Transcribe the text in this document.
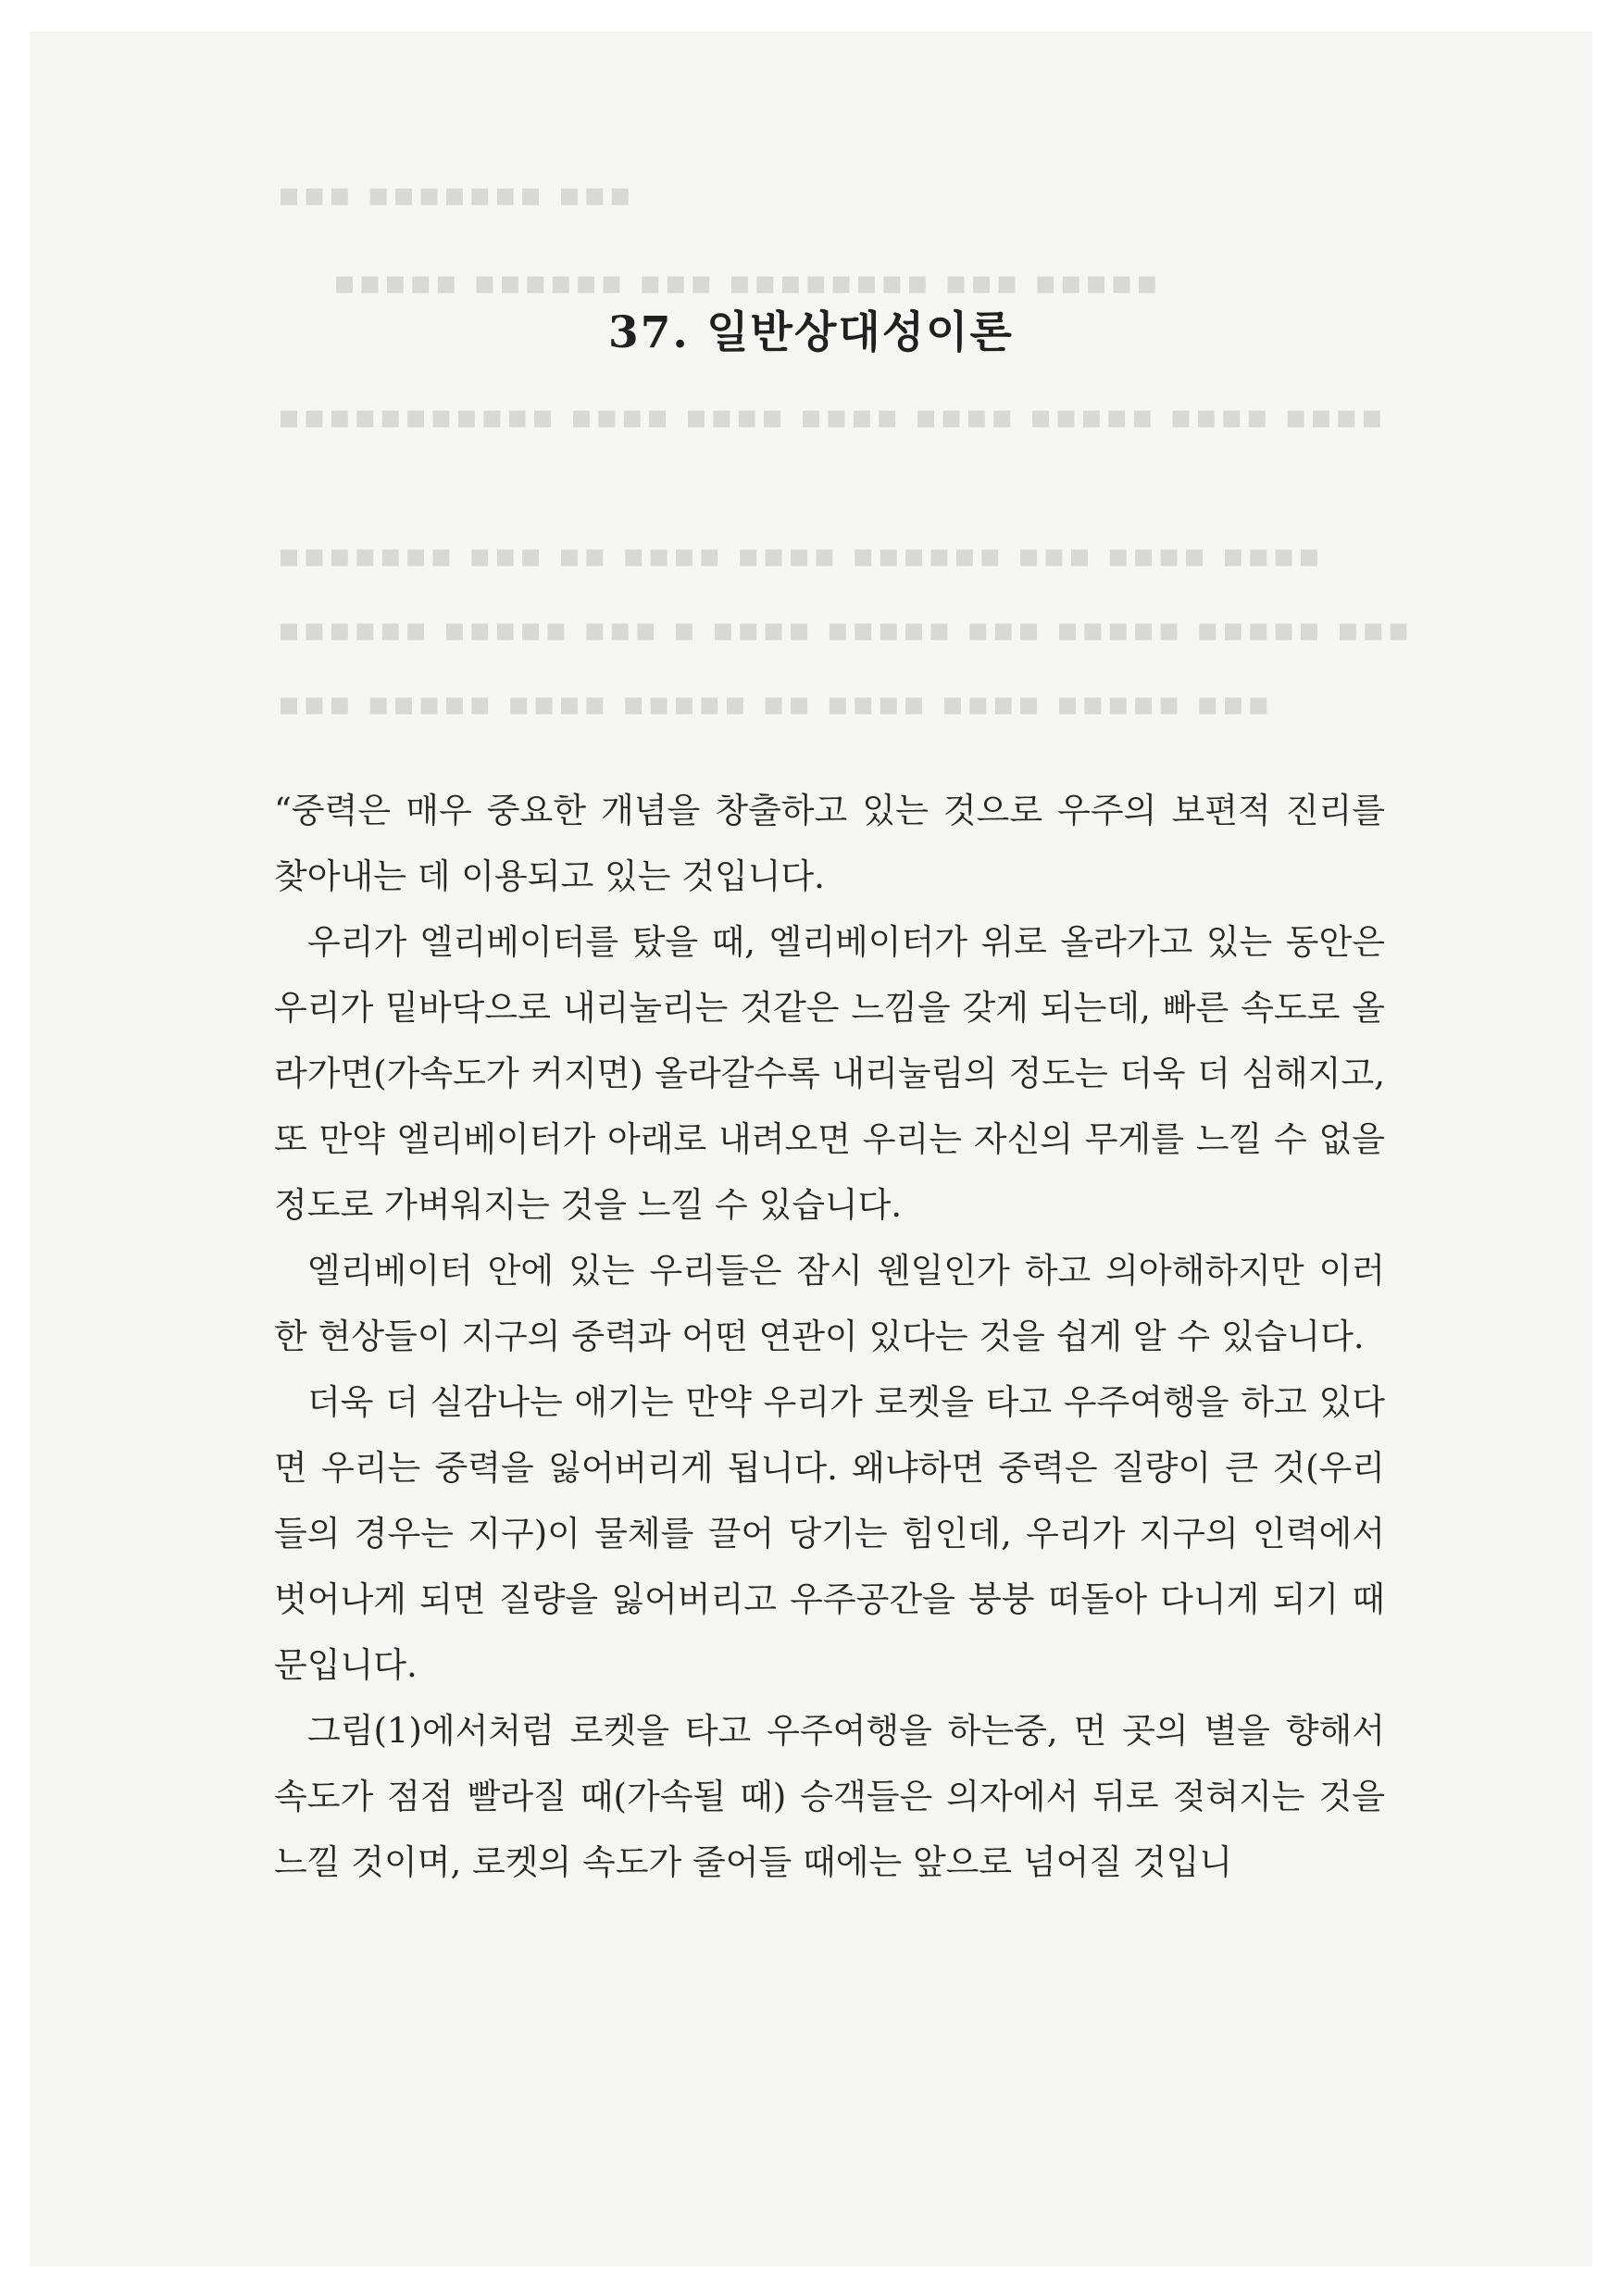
▪▪▪ ▪▪▪▪▪▪▪ ▪▪▪
▪▪▪▪▪ ▪▪▪▪▪▪ ▪▪▪ ▪▪▪▪▪▪▪▪ ▪▪▪ ▪▪▪▪▪
▪▪▪▪▪▪▪▪▪▪▪ ▪▪▪▪ ▪▪▪▪ ▪▪▪▪ ▪▪▪▪ ▪▪▪▪▪ ▪▪▪▪ ▪▪▪▪
▪▪▪▪▪▪▪ ▪▪▪ ▪▪ ▪▪▪▪ ▪▪▪▪ ▪▪▪▪▪▪ ▪▪▪ ▪▪▪▪ ▪▪▪▪
▪▪▪▪▪▪ ▪▪▪▪▪ ▪▪▪ ▪ ▪▪▪▪ ▪▪▪▪▪ ▪▪▪ ▪▪▪▪▪ ▪▪▪▪▪ ▪▪▪
▪▪▪ ▪▪▪▪▪ ▪▪▪▪ ▪▪▪▪▪ ▪▪ ▪▪▪▪ ▪▪▪▪ ▪▪▪▪▪ ▪▪▪
37. 일반상대성이론

“중력은 매우 중요한 개념을 창출하고 있는 것으로 우주의 보편적 진리를 찾아내는 데 이용되고 있는 것입니다.

우리가 엘리베이터를 탔을 때, 엘리베이터가 위로 올라가고 있는 동안은 우리가 밑바닥으로 내리눌리는 것같은 느낌을 갖게 되는데, 빠른 속도로 올라가면(가속도가 커지면) 올라갈수록 내리눌림의 정도는 더욱 더 심해지고, 또 만약 엘리베이터가 아래로 내려오면 우리는 자신의 무게를 느낄 수 없을 정도로 가벼워지는 것을 느낄 수 있습니다.

엘리베이터 안에 있는 우리들은 잠시 웬일인가 하고 의아해하지만 이러한 현상들이 지구의 중력과 어떤 연관이 있다는 것을 쉽게 알 수 있습니다.

더욱 더 실감나는 애기는 만약 우리가 로켓을 타고 우주여행을 하고 있다면 우리는 중력을 잃어버리게 됩니다. 왜냐하면 중력은 질량이 큰 것(우리들의 경우는 지구)이 물체를 끌어 당기는 힘인데, 우리가 지구의 인력에서 벗어나게 되면 질량을 잃어버리고 우주공간을 붕붕 떠돌아 다니게 되기 때문입니다.

그림(1)에서처럼 로켓을 타고 우주여행을 하는중, 먼 곳의 별을 향해서 속도가 점점 빨라질 때(가속될 때) 승객들은 의자에서 뒤로 젖혀지는 것을 느낄 것이며, 로켓의 속도가 줄어들 때에는 앞으로 넘어질 것입니
